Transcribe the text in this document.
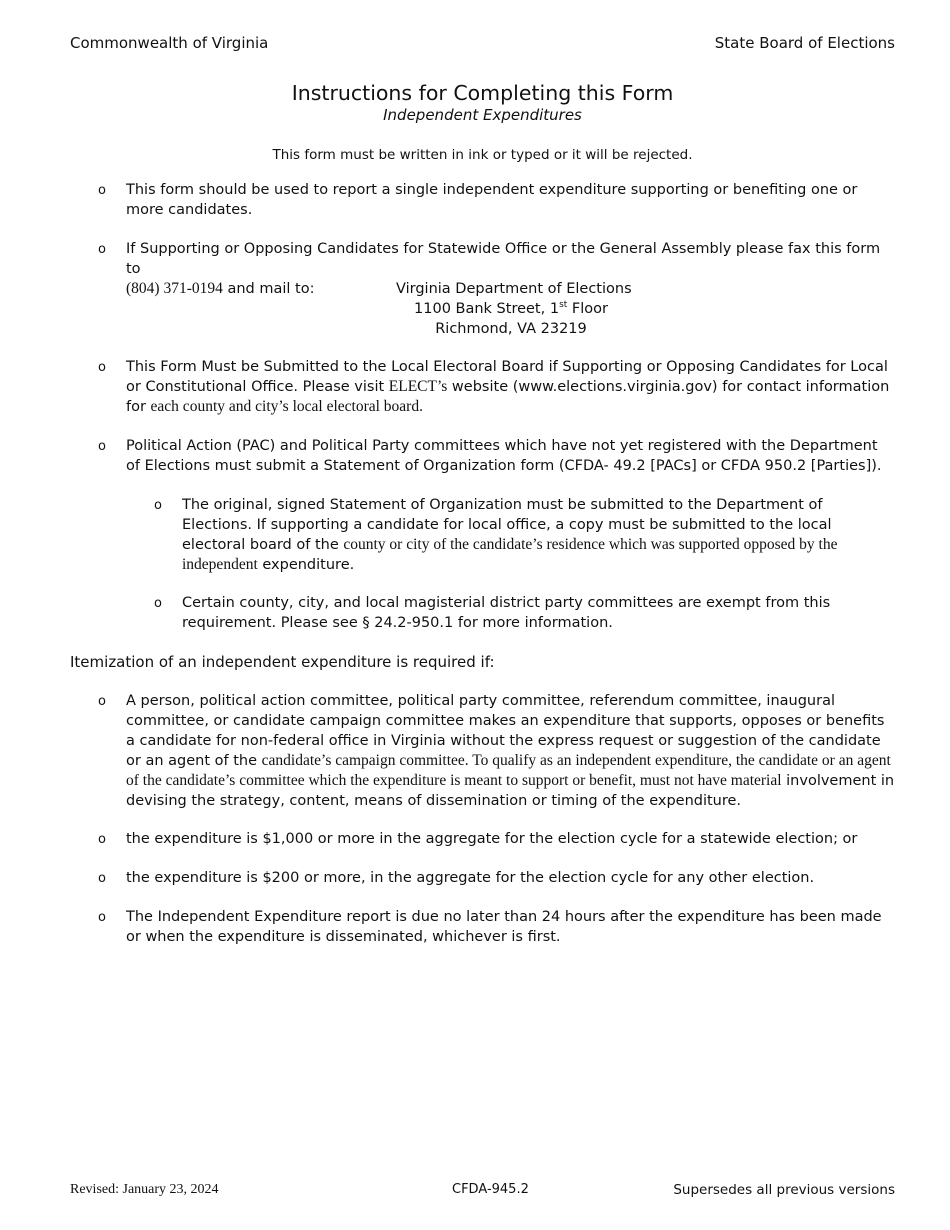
Commonwealth of Virginia	State Board of Elections
Instructions for Completing this Form
Independent Expenditures
This form must be written in ink or typed or it will be rejected.
o This form should be used to report a single independent expenditure supporting or benefiting one or more candidates.
o If Supporting or Opposing Candidates for Statewide Office or the General Assembly please fax this form to
(804) 371-0194 and mail to:	Virginia Department of Elections
1100 Bank Street, 1st Floor
Richmond, VA 23219
o This Form Must be Submitted to the Local Electoral Board if Supporting or Opposing Candidates for Local or Constitutional Office. Please visit ELECT’s website (www.elections.virginia.gov) for contact information for each county and city’s local electoral board.
o Political Action (PAC) and Political Party committees which have not yet registered with the Department of Elections must submit a Statement of Organization form (CFDA- 49.2 [PACs] or CFDA 950.2 [Parties]).
o The original, signed Statement of Organization must be submitted to the Department of Elections. If supporting a candidate for local office, a copy must be submitted to the local electoral board of the county or city of the candidate’s residence which was supported opposed by the independent expenditure.
o Certain county, city, and local magisterial district party committees are exempt from this requirement. Please see § 24.2-950.1 for more information.
Itemization of an independent expenditure is required if:
o A person, political action committee, political party committee, referendum committee, inaugural committee, or candidate campaign committee makes an expenditure that supports, opposes or benefits a candidate for non-federal office in Virginia without the express request or suggestion of the candidate or an agent of the candidate’s campaign committee. To qualify as an independent expenditure, the candidate or an agent of the candidate’s committee which the expenditure is meant to support or benefit, must not have material involvement in devising the strategy, content, means of dissemination or timing of the expenditure.
o the expenditure is $1,000 or more in the aggregate for the election cycle for a statewide election; or
o the expenditure is $200 or more, in the aggregate for the election cycle for any other election.
o The Independent Expenditure report is due no later than 24 hours after the expenditure has been made or when the expenditure is disseminated, whichever is first.
Revised: January 23, 2024	CFDA-945.2	Supersedes all previous versions
